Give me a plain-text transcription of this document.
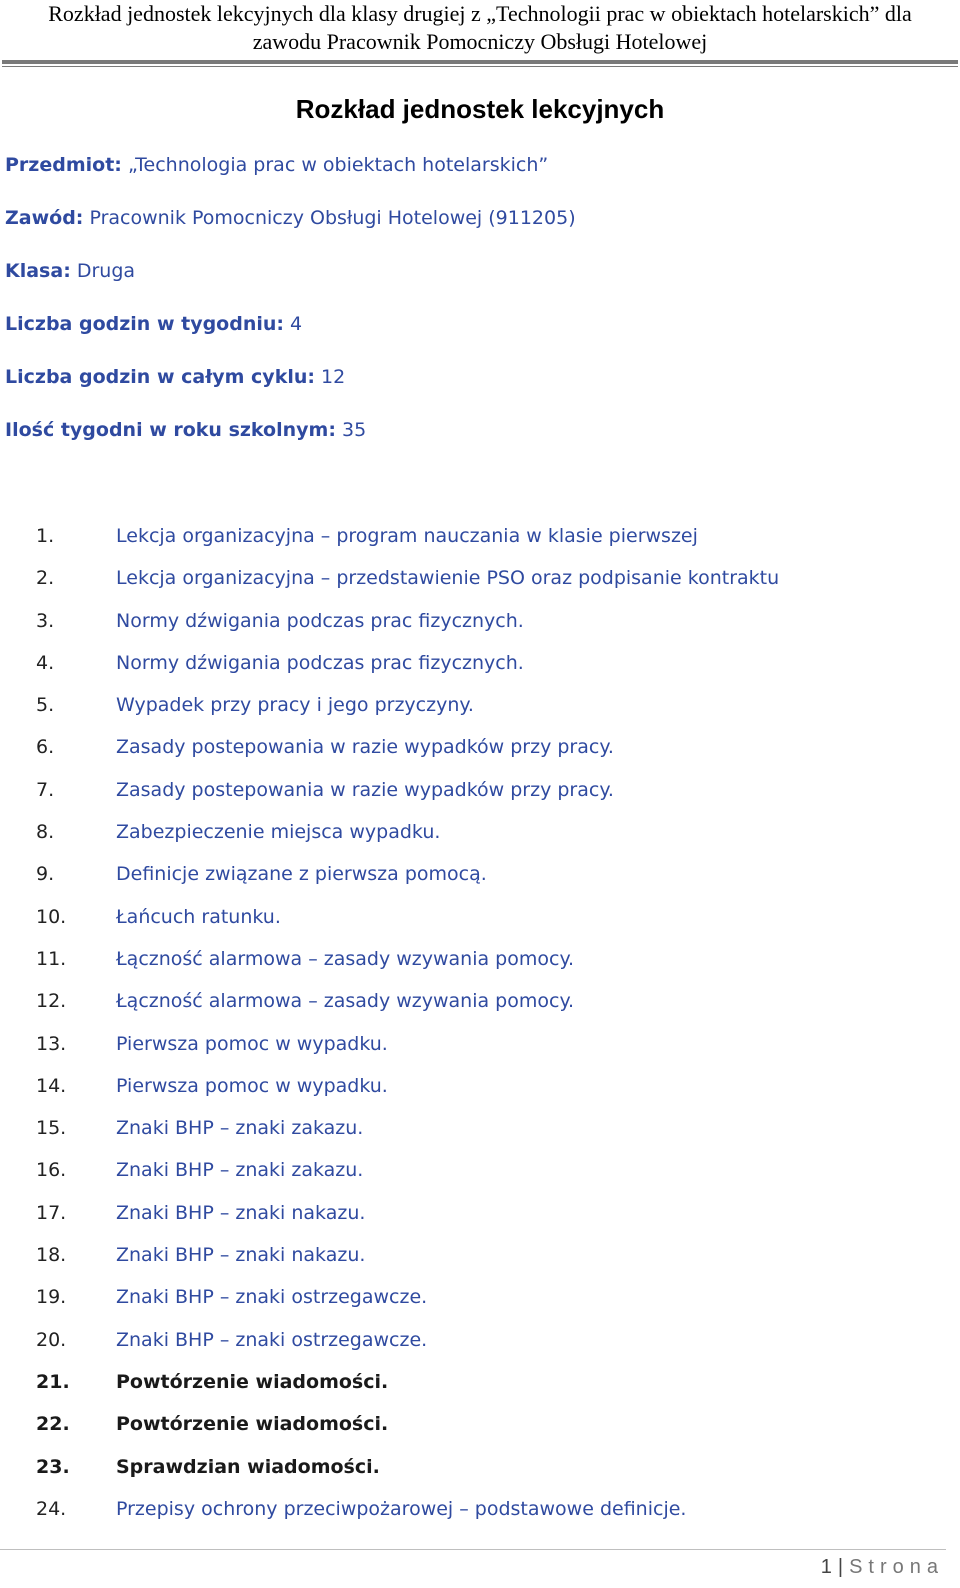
Rozkład jednostek lekcyjnych dla klasy drugiej z „Technologii prac w obiektach hotelarskich” dla
zawodu Pracownik Pomocniczy Obsługi Hotelowej
Rozkład jednostek lekcyjnych
Przedmiot: „Technologia prac w obiektach hotelarskich”
Zawód: Pracownik Pomocniczy Obsługi Hotelowej (911205)
Klasa: Druga
Liczba godzin w tygodniu: 4
Liczba godzin w całym cyklu: 12
Ilość tygodni w roku szkolnym: 35
1.	Lekcja organizacyjna – program nauczania w klasie pierwszej
2.	Lekcja organizacyjna – przedstawienie PSO oraz podpisanie kontraktu
3.	Normy dźwigania podczas prac fizycznych.
4.	Normy dźwigania podczas prac fizycznych.
5.	Wypadek przy pracy i jego przyczyny.
6.	Zasady postepowania w razie wypadków przy pracy.
7.	Zasady postepowania w razie wypadków przy pracy.
8.	Zabezpieczenie miejsca wypadku.
9.	Definicje związane z pierwsza pomocą.
10.	Łańcuch ratunku.
11.	Łączność alarmowa – zasady wzywania pomocy.
12.	Łączność alarmowa – zasady wzywania pomocy.
13.	Pierwsza pomoc w wypadku.
14.	Pierwsza pomoc w wypadku.
15.	Znaki BHP – znaki zakazu.
16.	Znaki BHP – znaki zakazu.
17.	Znaki BHP – znaki nakazu.
18.	Znaki BHP – znaki nakazu.
19.	Znaki BHP – znaki ostrzegawcze.
20.	Znaki BHP – znaki ostrzegawcze.
21.	Powtórzenie wiadomości.
22.	Powtórzenie wiadomości.
23.	Sprawdzian wiadomości.
24.	Przepisy ochrony przeciwpożarowej – podstawowe definicje.
1 | Strona
